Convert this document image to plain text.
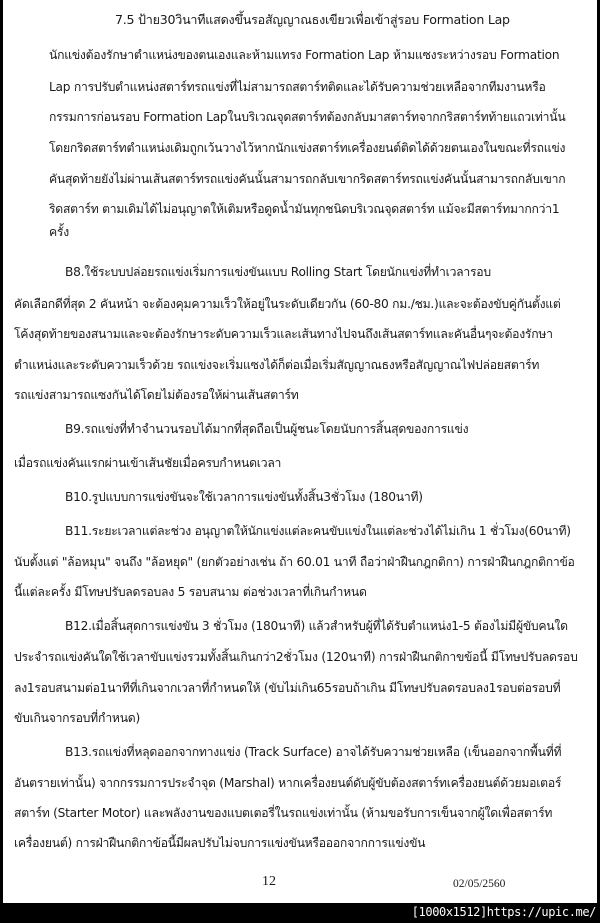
7.5 ป้าย30วินาทีแสดงขึ้นรอสัญญาณธงเขียวเพื่อเข้าสู่รอบ Formation Lap
นักแข่งต้องรักษาตำแหน่งของตนเองและห้ามแทรง Formation Lap ห้ามแซงระหว่างรอบ Formation
Lap การปรับตำแหน่งสตาร์ทรถแข่งที่ไม่สามารถสตาร์ทติดและได้รับความช่วยเหลือจากทีมงานหรือ
กรรมการก่อนรอบ Formation Lapในบริเวณจุดสตาร์ทต้องกลับมาสตาร์ทจากกริสตาร์ทท้ายแถวเท่านั้น
โดยกริดสตาร์ทตำแหน่งเดิมถูกเว้นวางไว้หากนักแข่งสตาร์ทเครื่องยนต์ติดได้ด้วยตนเองในขณะที่รถแข่ง
คันสุดท้ายยังไม่ผ่านเส้นสตาร์ทรถแข่งคันนั้นสามารถกลับเขากริดสตาร์ทรถแข่งคันนั้นสามารถกลับเขาก
ริดสตาร์ท ตามเดิมได้ไม่อนุญาตให้เติมหรือดูดน้ำมันทุกชนิดบริเวณจุดสตาร์ท แม้จะมีสตาร์ทมากกว่า1
ครั้ง
B8.ใช้ระบบปล่อยรถแข่งเริ่มการแข่งขันแบบ Rolling Start โดยนักแข่งที่ทำเวลารอบ
คัดเลือกดีที่สุด 2 คันหน้า จะต้องคุมความเร็วให้อยู่ในระดับเดียวกัน (60-80 กม./ชม.)และจะต้องขับคู่กันตั้งแต่
โค้งสุดท้ายของสนามและจะต้องรักษาระดับความเร็วและเส้นทางไปจนถึงเส้นสตาร์ทและคันอื่นๆจะต้องรักษา
ตำแหน่งและระดับความเร็วด้วย รถแข่งจะเริ่มแซงได้ก็ต่อเมื่อเริ่มสัญญาณธงหรือสัญญาณไฟปล่อยสตาร์ท
รถแข่งสามารถแซงกันได้โดยไม่ต้องรอให้ผ่านเส้นสตาร์ท
B9.รถแข่งที่ทำจำนวนรอบได้มากที่สุดถือเป็นผู้ชนะโดยนับการสิ้นสุดของการแข่ง
เมื่อรถแข่งคันแรกผ่านเข้าเส้นชัยเมื่อครบกำหนดเวลา
B10.รูปแบบการแข่งขันจะใช้เวลาการแข่งขันทั้งสิ้น3ชั่วโมง (180นาที)
B11.ระยะเวลาแต่ละช่วง อนุญาตให้นักแข่งแต่ละคนขับแข่งในแต่ละช่วงได้ไม่เกิน 1 ชั่วโมง(60นาที)
นับตั้งแต่ "ล้อหมุน" จนถึง "ล้อหยุด" (ยกตัวอย่างเช่น ถ้า 60.01 นาที ถือว่าฝ่าฝืนกฎกติกา) การฝ่าฝืนกฎกติกาข้อ
นี้แต่ละครั้ง มีโทษปรับลดรอบลง 5 รอบสนาม ต่อช่วงเวลาที่เกินกำหนด
B12.เมื่อสิ้นสุดการแข่งขัน 3 ชั่วโมง (180นาที) แล้วสำหรับผู้ที่ได้รับตำแหน่ง1-5 ต้องไม่มีผู้ขับคนใด
ประจำรถแข่งคันใดใช้เวลาขับแข่งรวมทั้งสิ้นเกินกว่า2ชั่วโมง (120นาที) การฝ่าฝืนกติกาขข้อนี้ มีโทษปรับลดรอบ
ลง1รอบสนามต่อ1นาทีที่เกินจากเวลาที่กำหนดให้ (ขับไม่เกิน65รอบถ้าเกิน มีโทษปรับลดรอบลง1รอบต่อรอบที่
ขับเกินจากรอบที่กำหนด)
B13.รถแข่งที่หลุดออกจากทางแข่ง (Track Surface) อาจได้รับความช่วยเหลือ (เข็นออกจากพื้นที่ที่
อันตรายเท่านั้น) จากกรรมการประจำจุด (Marshal) หากเครื่องยนต์ดับผู้ขับต้องสตาร์ทเครื่องยนต์ด้วยมอเตอร์
สตาร์ท (Starter Motor) และพลังงานของแบตเตอรี่ในรถแข่งเท่านั้น (ห้ามขอรับการเข็นจากผู้ใดเพื่อสตาร์ท
เครื่องยนต์) การฝ่าฝืนกติกาข้อนี้มีผลปรับไม่จบการแข่งขันหรือออกจากการแข่งขัน
12	02/05/2560
[1000x1512]https://upic.me/
